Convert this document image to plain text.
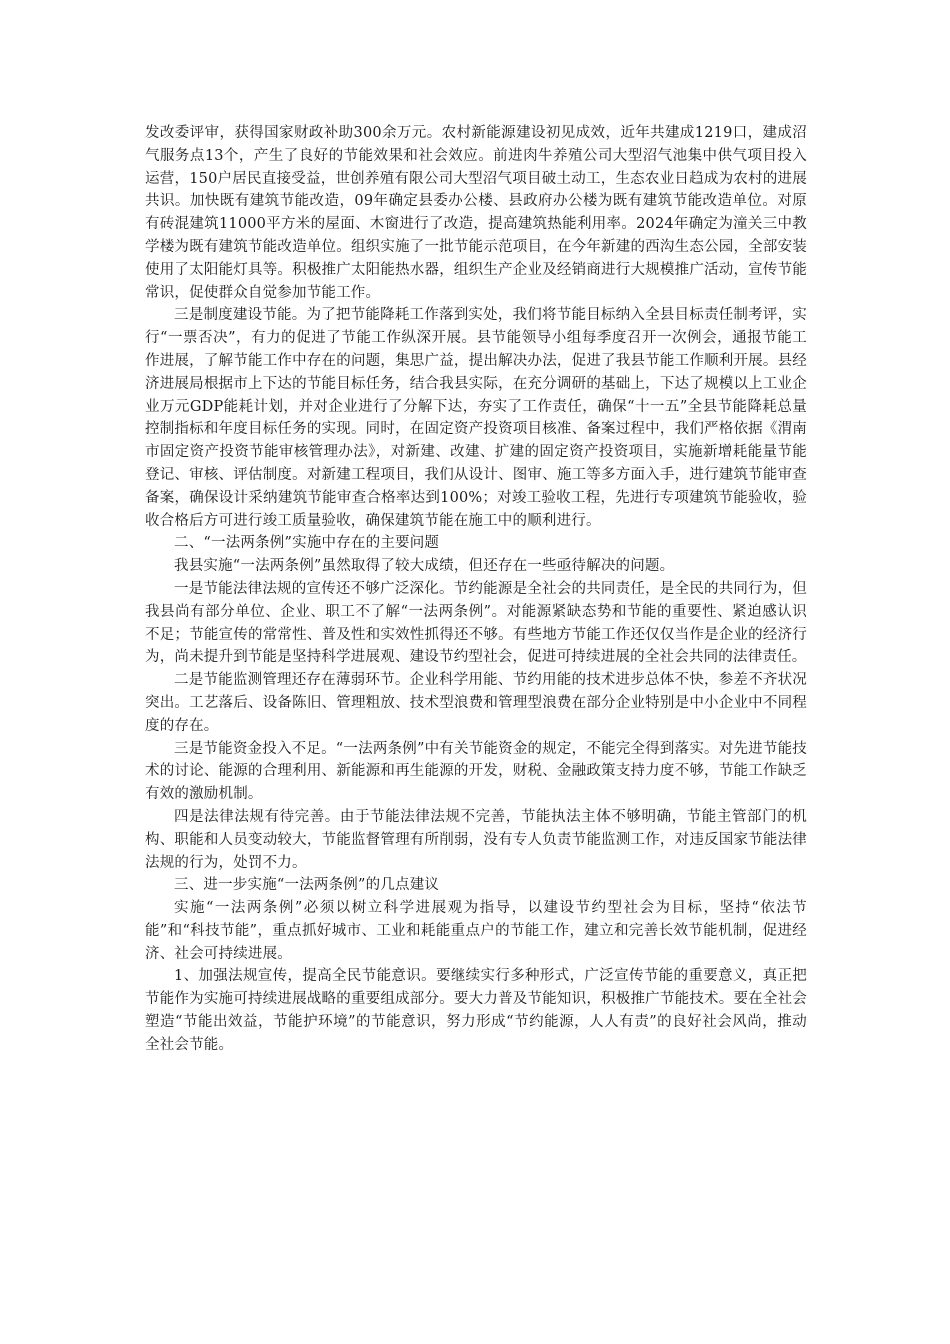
发改委评审，获得国家财政补助300余万元。农村新能源建设初见成效，近年共建成1219口，建成沼气服务点13个，产生了良好的节能效果和社会效应。前进肉牛养殖公司大型沼气池集中供气项目投入运营，150户居民直接受益，世创养殖有限公司大型沼气项目破土动工，生态农业日趋成为农村的进展共识。加快既有建筑节能改造，09年确定县委办公楼、县政府办公楼为既有建筑节能改造单位。对原有砖混建筑11000平方米的屋面、木窗进行了改造，提高建筑热能利用率。2024年确定为潼关三中教学楼为既有建筑节能改造单位。组织实施了一批节能示范项目，在今年新建的西沟生态公园，全部安装使用了太阳能灯具等。积极推广太阳能热水器，组织生产企业及经销商进行大规模推广活动，宣传节能常识，促使群众自觉参加节能工作。

三是制度建设节能。为了把节能降耗工作落到实处，我们将节能目标纳入全县目标责任制考评，实行“一票否决”，有力的促进了节能工作纵深开展。县节能领导小组每季度召开一次例会，通报节能工作进展，了解节能工作中存在的问题，集思广益，提出解决办法，促进了我县节能工作顺利开展。县经济进展局根据市上下达的节能目标任务，结合我县实际，在充分调研的基础上，下达了规模以上工业企业万元GDP能耗计划，并对企业进行了分解下达，夯实了工作责任，确保“十一五”全县节能降耗总量控制指标和年度目标任务的实现。同时，在固定资产投资项目核准、备案过程中，我们严格依据《渭南市固定资产投资节能审核管理办法》，对新建、改建、扩建的固定资产投资项目，实施新增耗能量节能登记、审核、评估制度。对新建工程项目，我们从设计、图审、施工等多方面入手，进行建筑节能审查备案，确保设计采纳建筑节能审查合格率达到100%；对竣工验收工程，先进行专项建筑节能验收，验收合格后方可进行竣工质量验收，确保建筑节能在施工中的顺利进行。

二、“一法两条例”实施中存在的主要问题

我县实施“一法两条例”虽然取得了较大成绩，但还存在一些亟待解决的问题。

一是节能法律法规的宣传还不够广泛深化。节约能源是全社会的共同责任，是全民的共同行为，但我县尚有部分单位、企业、职工不了解“一法两条例”。对能源紧缺态势和节能的重要性、紧迫感认识不足；节能宣传的常常性、普及性和实效性抓得还不够。有些地方节能工作还仅仅当作是企业的经济行为，尚未提升到节能是坚持科学进展观、建设节约型社会，促进可持续进展的全社会共同的法律责任。

二是节能监测管理还存在薄弱环节。企业科学用能、节约用能的技术进步总体不快，参差不齐状况突出。工艺落后、设备陈旧、管理粗放、技术型浪费和管理型浪费在部分企业特别是中小企业中不同程度的存在。

三是节能资金投入不足。“一法两条例”中有关节能资金的规定，不能完全得到落实。对先进节能技术的讨论、能源的合理利用、新能源和再生能源的开发，财税、金融政策支持力度不够，节能工作缺乏有效的激励机制。

四是法律法规有待完善。由于节能法律法规不完善，节能执法主体不够明确，节能主管部门的机构、职能和人员变动较大，节能监督管理有所削弱，没有专人负责节能监测工作，对违反国家节能法律法规的行为，处罚不力。

三、进一步实施“一法两条例”的几点建议

实施“一法两条例”必须以树立科学进展观为指导，以建设节约型社会为目标，坚持“依法节能”和“科技节能”，重点抓好城市、工业和耗能重点户的节能工作，建立和完善长效节能机制，促进经济、社会可持续进展。

1、加强法规宣传，提高全民节能意识。要继续实行多种形式，广泛宣传节能的重要意义，真正把节能作为实施可持续进展战略的重要组成部分。要大力普及节能知识，积极推广节能技术。要在全社会塑造“节能出效益，节能护环境”的节能意识，努力形成“节约能源，人人有责”的良好社会风尚，推动全社会节能。
